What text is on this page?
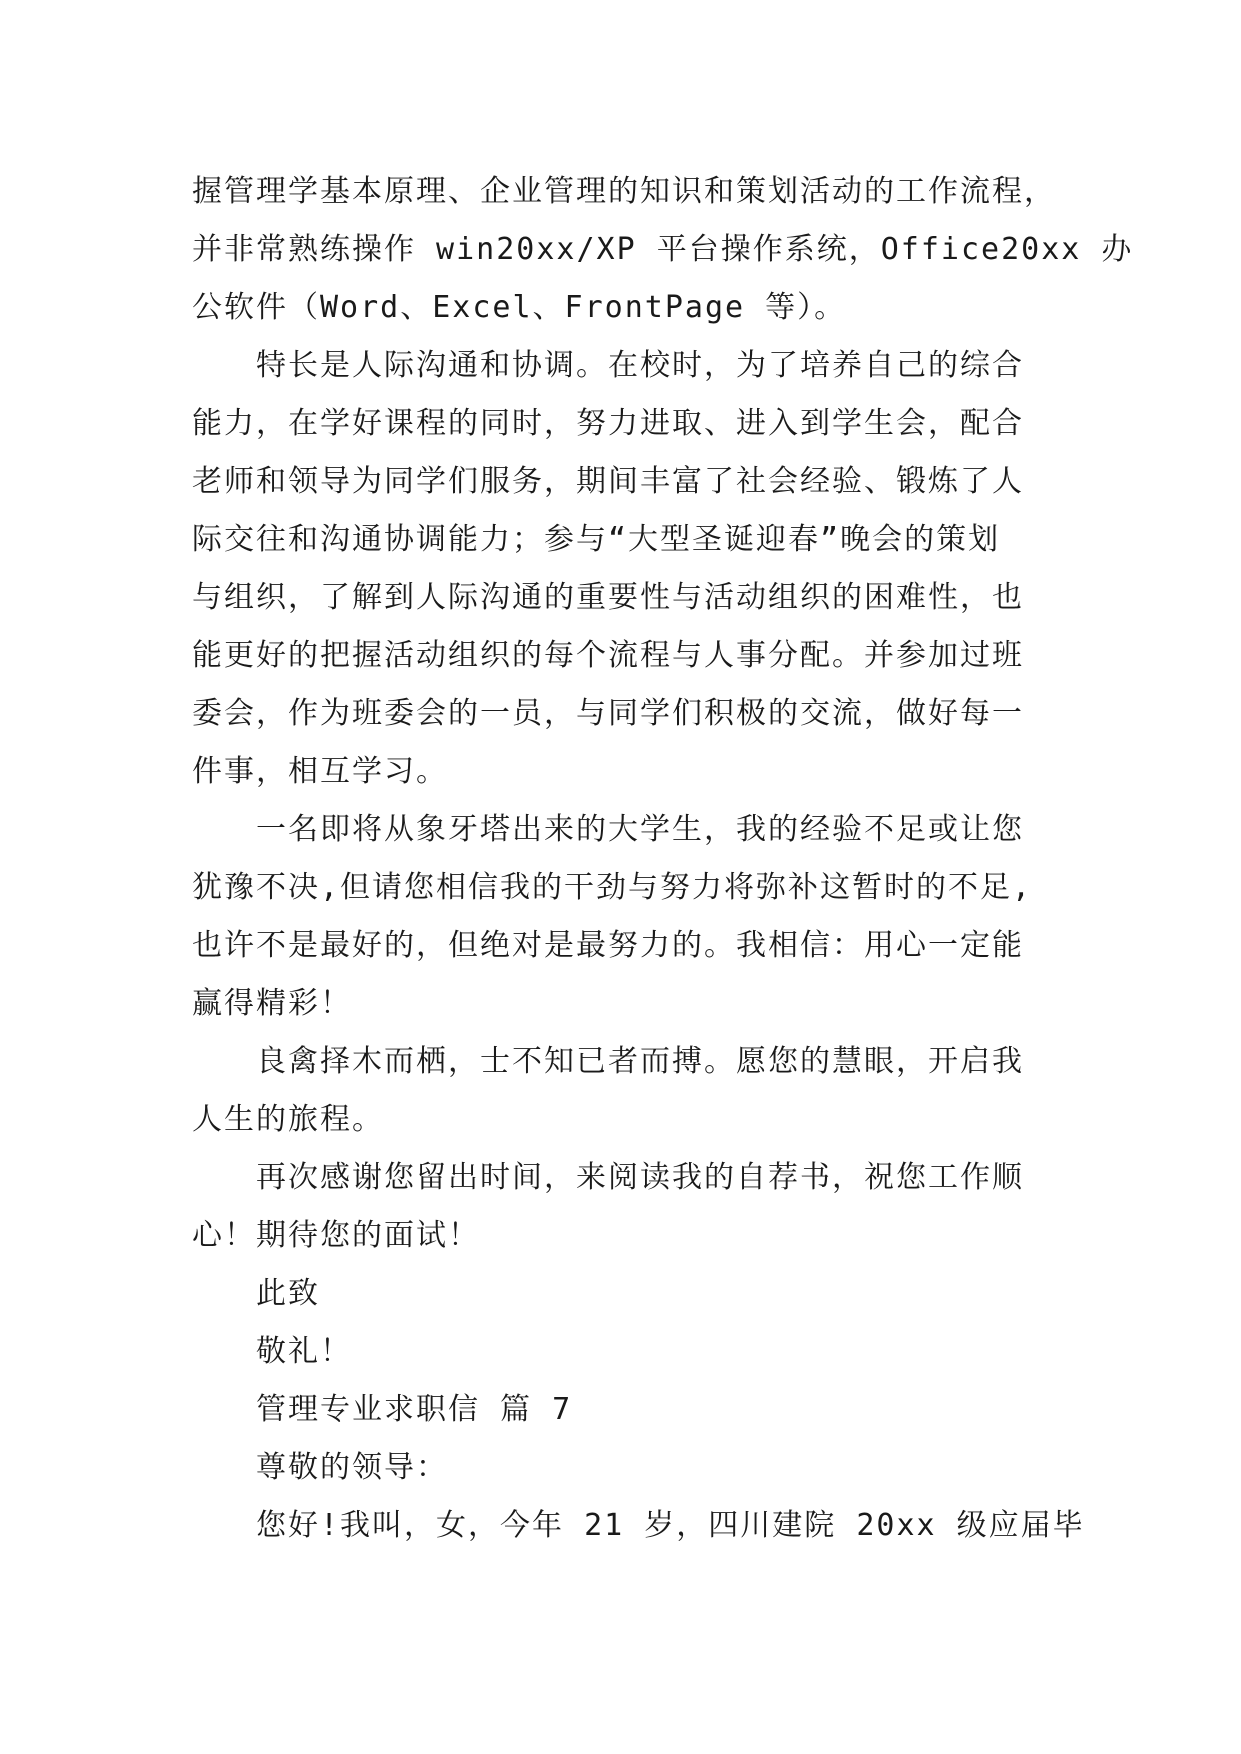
握管理学基本原理、企业管理的知识和策划活动的工作流程，
并非常熟练操作 win20xx/XP 平台操作系统，Office20xx 办
公软件（Word、Excel、FrontPage 等）。
特长是人际沟通和协调。在校时，为了培养自己的综合
能力，在学好课程的同时，努力进取、进入到学生会，配合
老师和领导为同学们服务，期间丰富了社会经验、锻炼了人
际交往和沟通协调能力；参与“大型圣诞迎春”晚会的策划
与组织，了解到人际沟通的重要性与活动组织的困难性，也
能更好的把握活动组织的每个流程与人事分配。并参加过班
委会，作为班委会的一员，与同学们积极的交流，做好每一
件事，相互学习。
一名即将从象牙塔出来的大学生，我的经验不足或让您
犹豫不决,但请您相信我的干劲与努力将弥补这暂时的不足,
也许不是最好的，但绝对是最努力的。我相信：用心一定能
赢得精彩！
良禽择木而栖，士不知已者而搏。愿您的慧眼，开启我
人生的旅程。
再次感谢您留出时间，来阅读我的自荐书，祝您工作顺
心！期待您的面试！
此致
敬礼！
管理专业求职信 篇 7
尊敬的领导：
您好!我叫，女，今年 21 岁，四川建院 20xx 级应届毕
